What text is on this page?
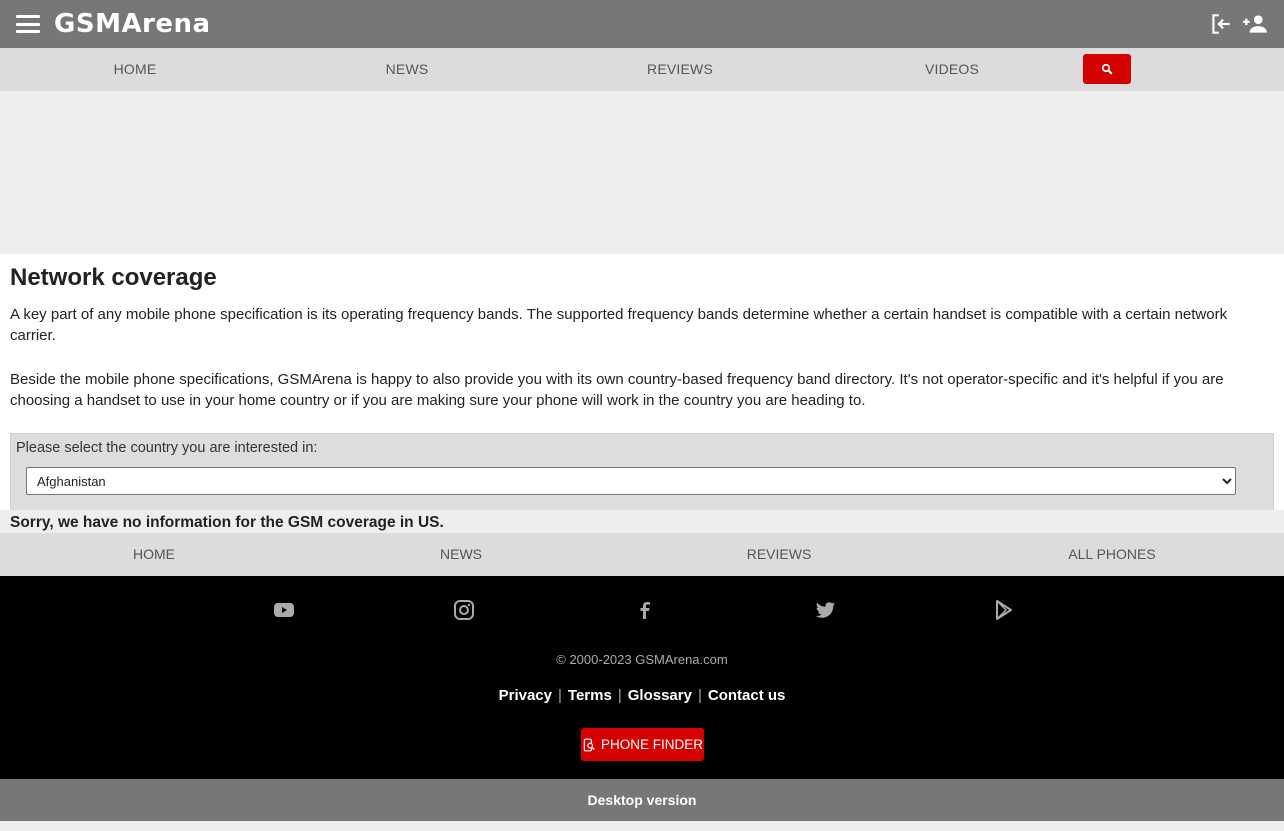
GSMArena
HOME	NEWS	REVIEWS	VIDEOS
Network coverage

A key part of any mobile phone specification is its operating frequency bands. The supported frequency bands determine whether a certain handset is compatible with a certain network carrier.

Beside the mobile phone specifications, GSMArena is happy to also provide you with its own country-based frequency band directory. It's not operator-specific and it's helpful if you are choosing a handset to use in your home country or if you are making sure your phone will work in the country you are heading to.

Please select the country you are interested in:
Afghanistan
Sorry, we have no information for the GSM coverage in US.
HOME	NEWS	REVIEWS	ALL PHONES
© 2000-2023 GSMArena.com
Privacy | Terms | Glossary | Contact us
PHONE FINDER
Desktop version
